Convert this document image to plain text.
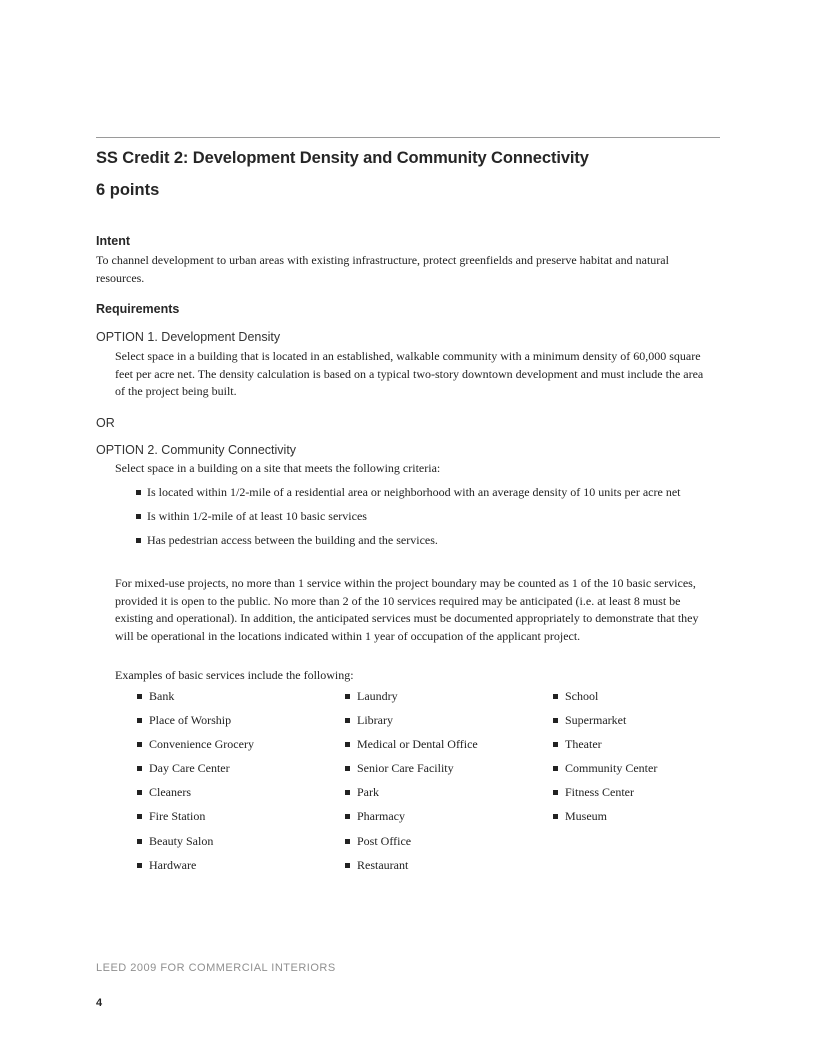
SS Credit 2: Development Density and Community Connectivity
6 points
Intent
To channel development to urban areas with existing infrastructure, protect greenfields and preserve habitat and natural resources.
Requirements
OPTION 1. Development Density
Select space in a building that is located in an established, walkable community with a minimum density of 60,000 square feet per acre net. The density calculation is based on a typical two-story downtown development and must include the area of the project being built.
OR
OPTION 2. Community Connectivity
Select space in a building on a site that meets the following criteria:
Is located within 1/2-mile of a residential area or neighborhood with an average density of 10 units per acre net
Is within 1/2-mile of at least 10 basic services
Has pedestrian access between the building and the services.
For mixed-use projects, no more than 1 service within the project boundary may be counted as 1 of the 10 basic services, provided it is open to the public. No more than 2 of the 10 services required may be anticipated (i.e. at least 8 must be existing and operational). In addition, the anticipated services must be documented appropriately to demonstrate that they will be operational in the locations indicated within 1 year of occupation of the applicant project.
Examples of basic services include the following:
Bank
Place of Worship
Convenience Grocery
Day Care Center
Cleaners
Fire Station
Beauty Salon
Hardware
Laundry
Library
Medical or Dental Office
Senior Care Facility
Park
Pharmacy
Post Office
Restaurant
School
Supermarket
Theater
Community Center
Fitness Center
Museum
LEED 2009 FOR COMMERCIAL INTERIORS
4
